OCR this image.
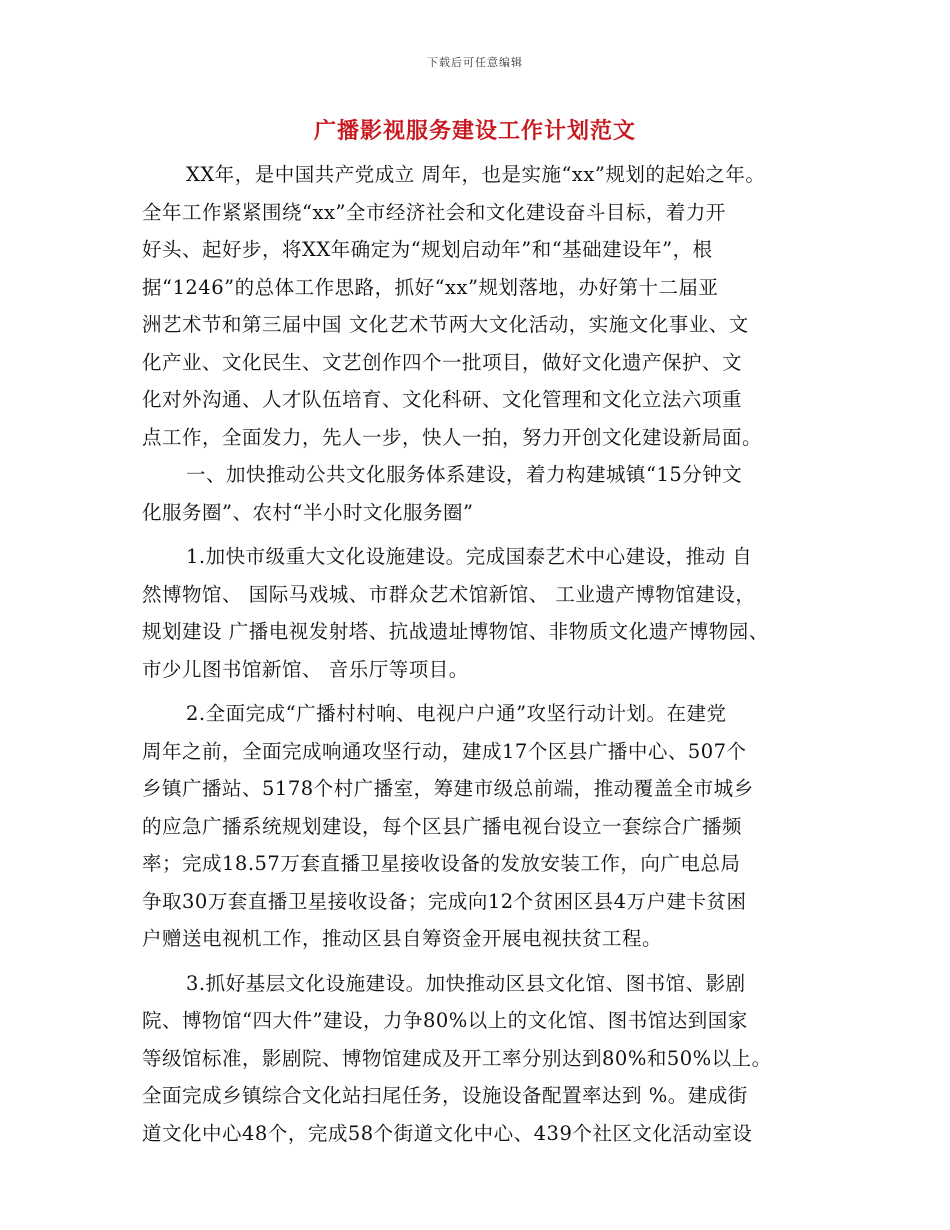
下载后可任意编辑
广播影视服务建设工作计划范文
XX年，是中国共产党成立 周年，也是实施“xx”规划的起始之年。
全年工作紧紧围绕“xx”全市经济社会和文化建设奋斗目标，着力开
好头、起好步，将XX年确定为“规划启动年”和“基础建设年”，根
据“1246”的总体工作思路，抓好“xx”规划落地，办好第十二届亚
洲艺术节和第三届中国 文化艺术节两大文化活动，实施文化事业、文
化产业、文化民生、文艺创作四个一批项目，做好文化遗产保护、文
化对外沟通、人才队伍培育、文化科研、文化管理和文化立法六项重
点工作，全面发力，先人一步，快人一拍，努力开创文化建设新局面。
一、加快推动公共文化服务体系建设，着力构建城镇“15分钟文
化服务圈”、农村“半小时文化服务圈”
1.加快市级重大文化设施建设。完成国泰艺术中心建设，推动 自
然博物馆、 国际马戏城、市群众艺术馆新馆、 工业遗产博物馆建设，
规划建设 广播电视发射塔、抗战遗址博物馆、非物质文化遗产博物园、
市少儿图书馆新馆、 音乐厅等项目。
2.全面完成“广播村村响、电视户户通”攻坚行动计划。在建党
周年之前，全面完成响通攻坚行动，建成17个区县广播中心、507个
乡镇广播站、5178个村广播室，筹建市级总前端，推动覆盖全市城乡
的应急广播系统规划建设，每个区县广播电视台设立一套综合广播频
率；完成18.57万套直播卫星接收设备的发放安装工作，向广电总局
争取30万套直播卫星接收设备；完成向12个贫困区县4万户建卡贫困
户赠送电视机工作，推动区县自筹资金开展电视扶贫工程。
3.抓好基层文化设施建设。加快推动区县文化馆、图书馆、影剧
院、博物馆“四大件”建设，力争80%以上的文化馆、图书馆达到国家
等级馆标准，影剧院、博物馆建成及开工率分别达到80%和50%以上。
全面完成乡镇综合文化站扫尾任务，设施设备配置率达到 %。建成街
道文化中心48个，完成58个街道文化中心、439个社区文化活动室设
